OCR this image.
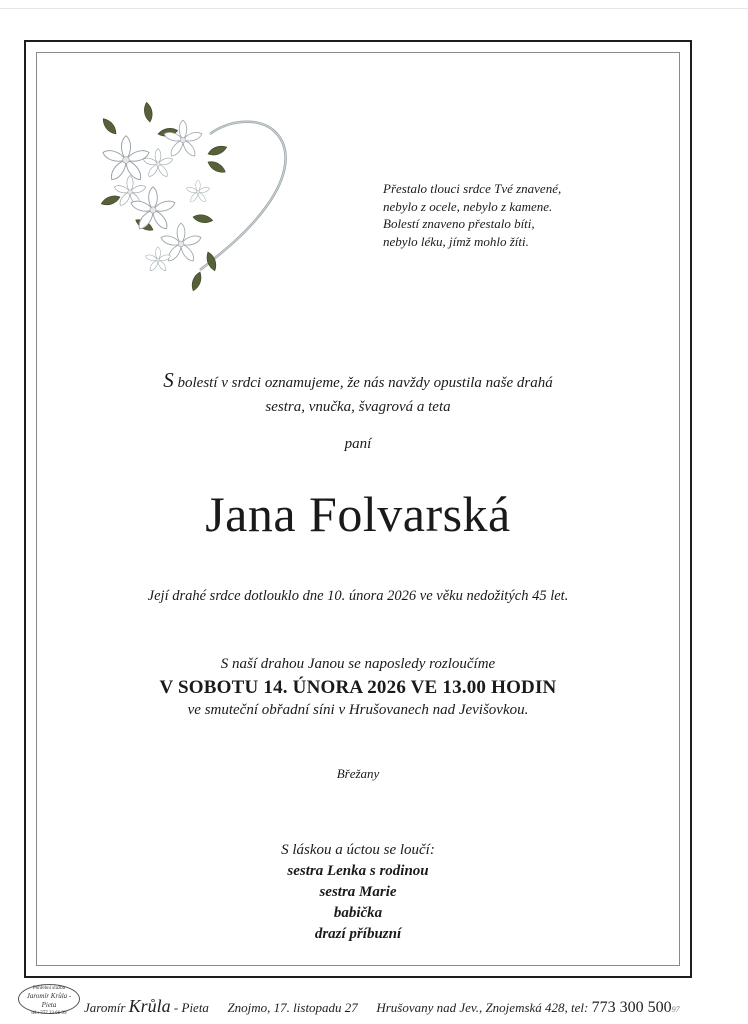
Přestalo tlouci srdce Tvé znavené,
nebylo z ocele, nebylo z kamene.
Bolestí znaveno přestalo bíti,
nebylo léku, jímž mohlo žíti.
S bolestí v srdci oznamujeme, že nás navždy opustila naše drahá
sestra, vnučka, švagrová a teta
paní
Jana Folvarská
Její drahé srdce dotlouklo dne 10. února 2026 ve věku nedožitých 45 let.
S naší drahou Janou se naposledy rozloučíme
V SOBOTU 14. ÚNORA 2026 VE 13.00 HODIN
ve smuteční obřadní síni v Hrušovanech nad Jevišovkou.
Břežany
S láskou a úctou se loučí:
sestra Lenka s rodinou
sestra Marie
babička
drazí příbuzní
Pohřební služba
Jaromír Krůla - Pieta
tel.: 777 22 66 99	Jaromír Krůla - Pieta Znojmo, 17. listopadu 27 Hrušovany nad Jev., Znojemská 428, tel: 773 300 50097
